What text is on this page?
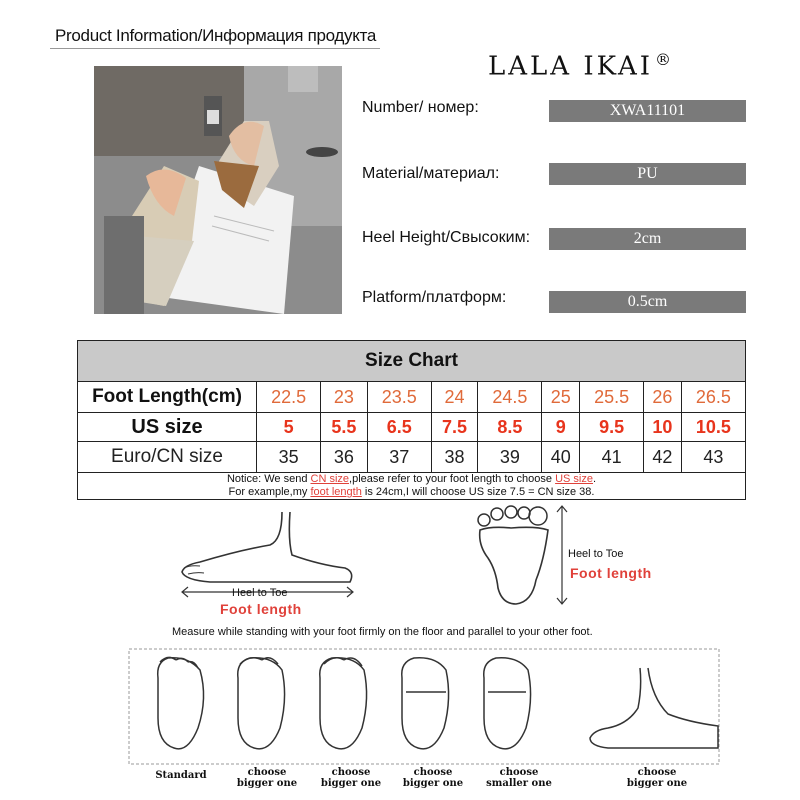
Product Information/Информация продукта
LALA IKAI ®
Number/ номер:	XWA11101
Material/материал:	PU
Heel Height/Свысоким:	2cm
Platform/платформ:	0.5cm
Size Chart									
Foot Length(cm)	22.5	23	23.5	24	24.5	25	25.5	26	26.5
US size	5	5.5	6.5	7.5	8.5	9	9.5	10	10.5
Euro/CN size	35	36	37	38	39	40	41	42	43
Notice: We send CN size,please refer to your foot length to choose US size.
For example,my foot length is 24cm,I will choose US size 7.5 = CN size 38.									
Heel to Toe
Foot length
Heel to Toe
Foot length
Measure while standing with your foot firmly on the floor and parallel to your other foot.
Standard	choose
bigger one
choose
bigger one
choose
bigger one
choose
smaller one
choose
bigger one
